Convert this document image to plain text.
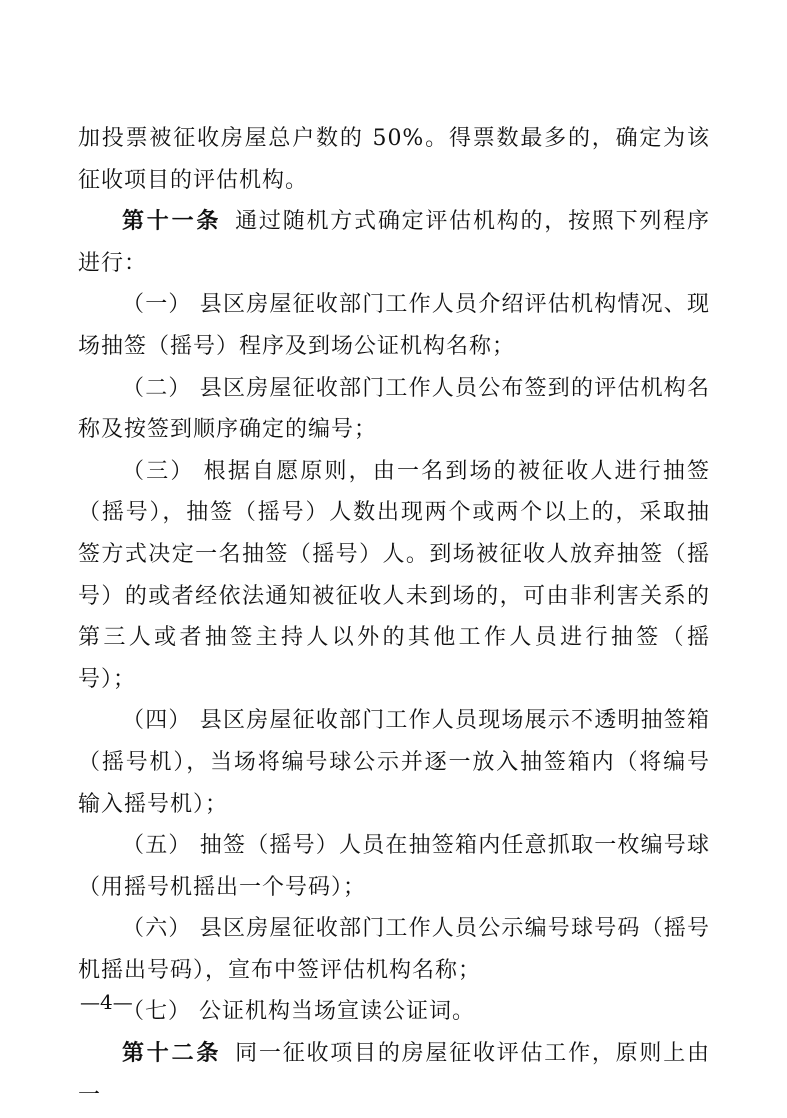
加投票被征收房屋总户数的 50%。得票数最多的，确定为该征收项目的评估机构。

第十一条 通过随机方式确定评估机构的，按照下列程序进行：

（一） 县区房屋征收部门工作人员介绍评估机构情况、现场抽签（摇号）程序及到场公证机构名称；

（二） 县区房屋征收部门工作人员公布签到的评估机构名称及按签到顺序确定的编号；

（三） 根据自愿原则，由一名到场的被征收人进行抽签（摇号），抽签（摇号）人数出现两个或两个以上的，采取抽签方式决定一名抽签（摇号）人。到场被征收人放弃抽签（摇号）的或者经依法通知被征收人未到场的，可由非利害关系的第三人或者抽签主持人以外的其他工作人员进行抽签（摇号）；

（四） 县区房屋征收部门工作人员现场展示不透明抽签箱（摇号机），当场将编号球公示并逐一放入抽签箱内（将编号输入摇号机）；

（五） 抽签（摇号）人员在抽签箱内任意抓取一枚编号球（用摇号机摇出一个号码）；

（六） 县区房屋征收部门工作人员公示编号球号码（摇号机摇出号码），宣布中签评估机构名称；

（七） 公证机构当场宣读公证词。

第十二条 同一征收项目的房屋征收评估工作，原则上由一

—4—
